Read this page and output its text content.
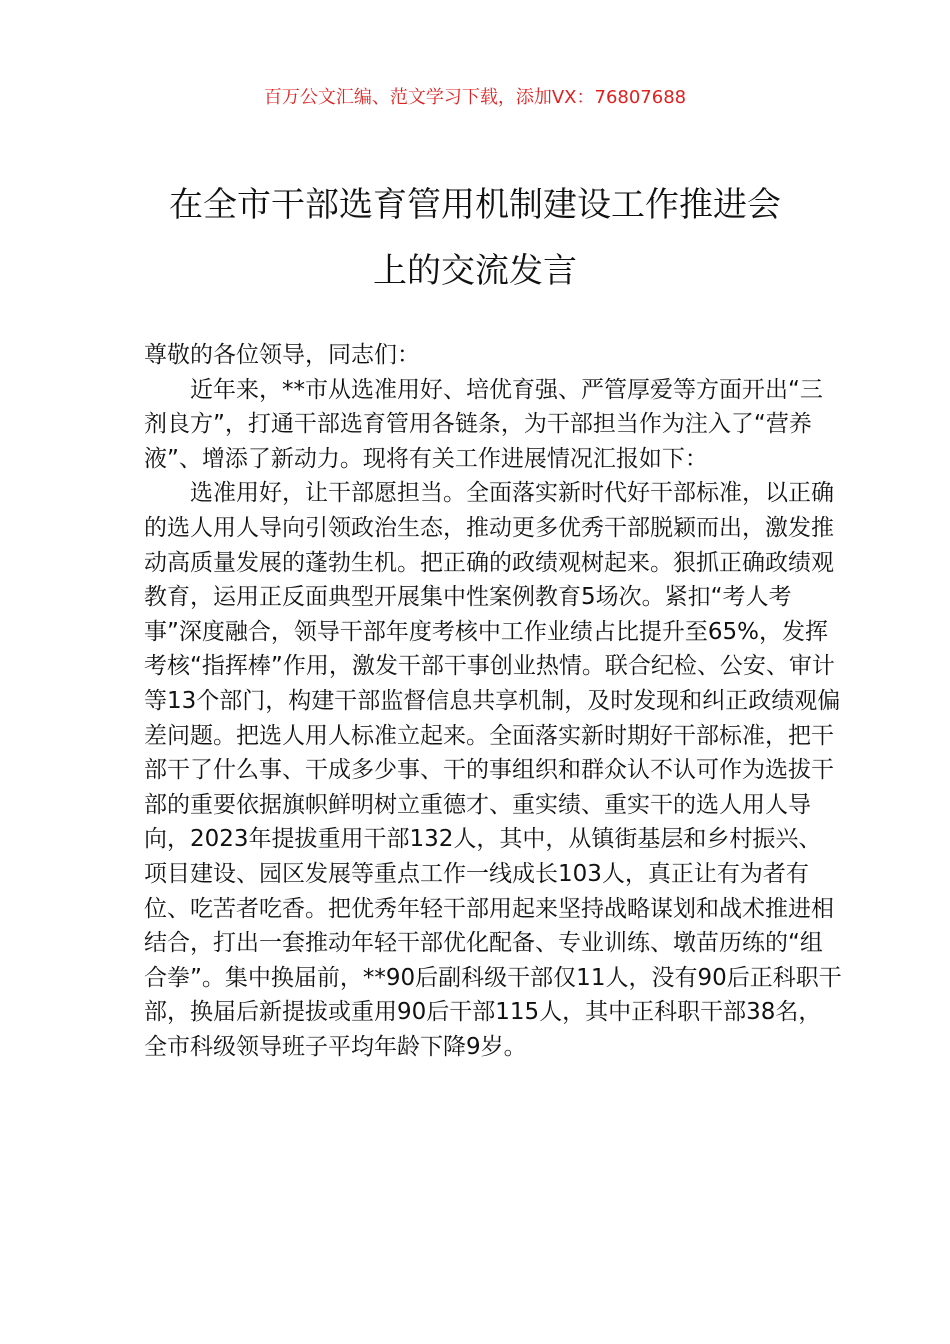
百万公文汇编、范文学习下载，添加VX：76807688
在全市干部选育管用机制建设工作推进会
上的交流发言

尊敬的各位领导，同志们：

近年来，**市从选准用好、培优育强、严管厚爱等方面开出“三剂良方”，打通干部选育管用各链条，为干部担当作为注入了“营养液”、增添了新动力。现将有关工作进展情况汇报如下：

选准用好，让干部愿担当。全面落实新时代好干部标准，以正确的选人用人导向引领政治生态，推动更多优秀干部脱颖而出，激发推动高质量发展的蓬勃生机。把正确的政绩观树起来。狠抓正确政绩观教育，运用正反面典型开展集中性案例教育5场次。紧扣“考人考事”深度融合，领导干部年度考核中工作业绩占比提升至65%，发挥考核“指挥棒”作用，激发干部干事创业热情。联合纪检、公安、审计等13个部门，构建干部监督信息共享机制，及时发现和纠正政绩观偏差问题。把选人用人标准立起来。全面落实新时期好干部标准，把干部干了什么事、干成多少事、干的事组织和群众认不认可作为选拔干部的重要依据旗帜鲜明树立重德才、重实绩、重实干的选人用人导向，2023年提拔重用干部132人，其中，从镇街基层和乡村振兴、项目建设、园区发展等重点工作一线成长103人，真正让有为者有位、吃苦者吃香。把优秀年轻干部用起来坚持战略谋划和战术推进相结合，打出一套推动年轻干部优化配备、专业训练、墩苗历练的“组合拳”。集中换届前，**90后副科级干部仅11人，没有90后正科职干部，换届后新提拔或重用90后干部115人，其中正科职干部38名，全市科级领导班子平均年龄下降9岁。
